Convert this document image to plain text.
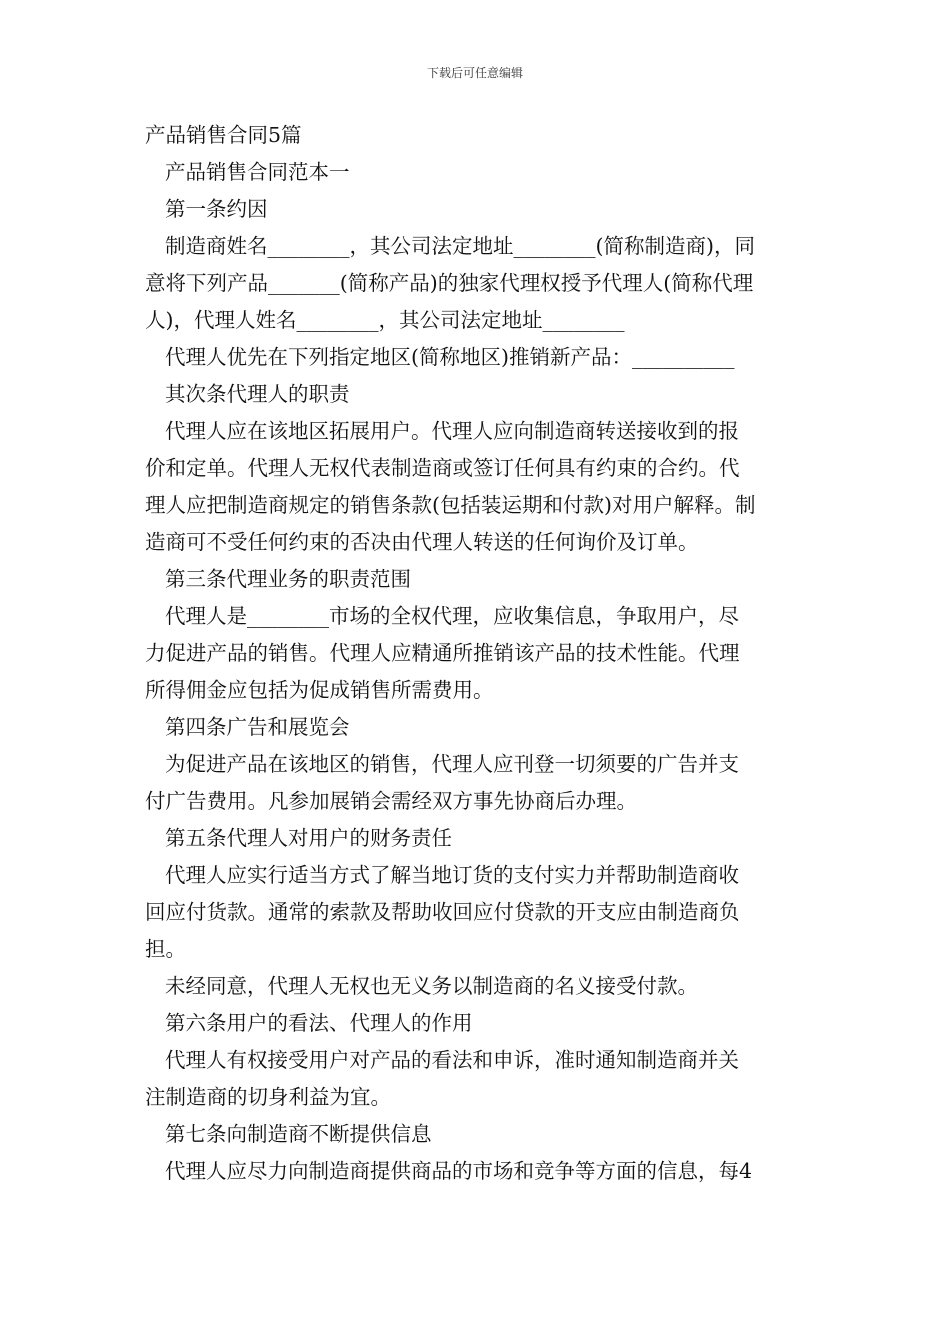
下载后可任意编辑
产品销售合同5篇

产品销售合同范本一

第一条约因

制造商姓名________，其公司法定地址________(简称制造商)，同

意将下列产品_______(简称产品)的独家代理权授予代理人(简称代理

人)，代理人姓名________，其公司法定地址________

代理人优先在下列指定地区(简称地区)推销新产品：__________

其次条代理人的职责

代理人应在该地区拓展用户。代理人应向制造商转送接收到的报

价和定单。代理人无权代表制造商或签订任何具有约束的合约。代

理人应把制造商规定的销售条款(包括装运期和付款)对用户解释。制

造商可不受任何约束的否决由代理人转送的任何询价及订单。

第三条代理业务的职责范围

代理人是________市场的全权代理，应收集信息，争取用户，尽

力促进产品的销售。代理人应精通所推销该产品的技术性能。代理

所得佣金应包括为促成销售所需费用。

第四条广告和展览会

为促进产品在该地区的销售，代理人应刊登一切须要的广告并支

付广告费用。凡参加展销会需经双方事先协商后办理。

第五条代理人对用户的财务责任

代理人应实行适当方式了解当地订货的支付实力并帮助制造商收

回应付货款。通常的索款及帮助收回应付贷款的开支应由制造商负

担。

未经同意，代理人无权也无义务以制造商的名义接受付款。

第六条用户的看法、代理人的作用

代理人有权接受用户对产品的看法和申诉，准时通知制造商并关

注制造商的切身利益为宜。

第七条向制造商不断提供信息

代理人应尽力向制造商提供商品的市场和竞争等方面的信息，每4
